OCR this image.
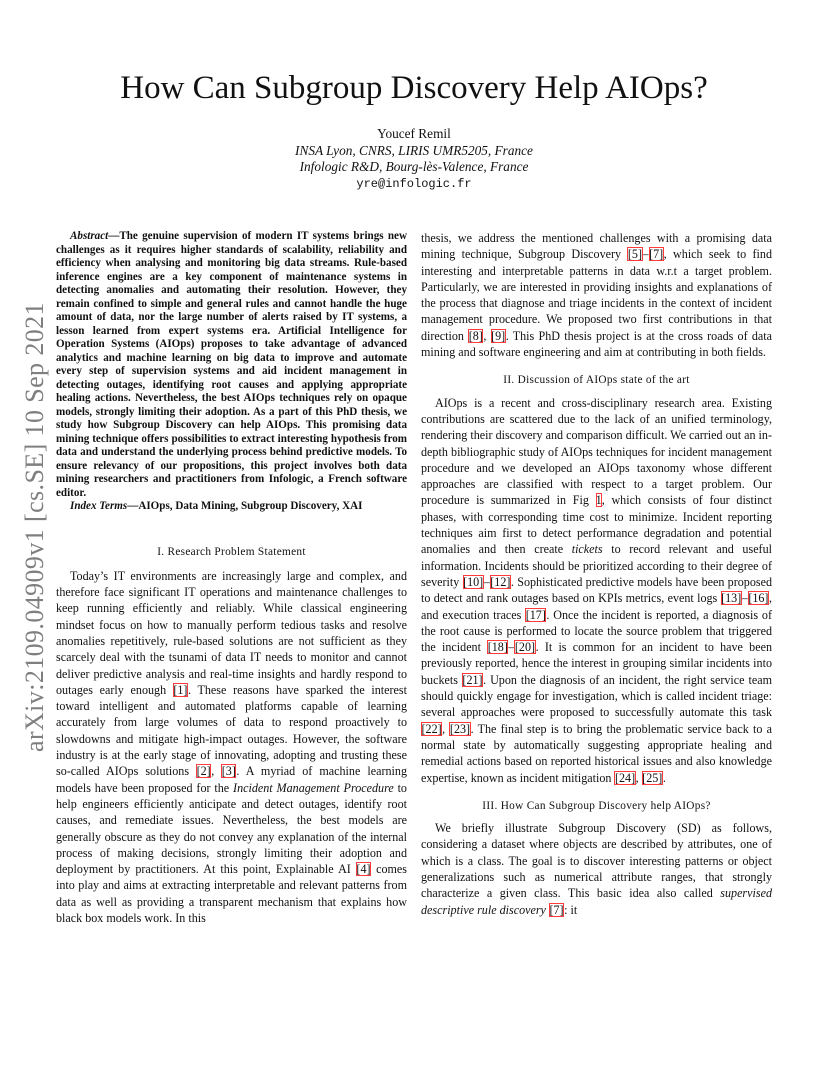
arXiv:2109.04909v1 [cs.SE] 10 Sep 2021
How Can Subgroup Discovery Help AIOps?
Youcef Remil
INSA Lyon, CNRS, LIRIS UMR5205, France
Infologic R&D, Bourg-lès-Valence, France
yre@infologic.fr

Abstract—The genuine supervision of modern IT systems brings new challenges as it requires higher standards of scalability, reliability and efficiency when analysing and monitoring big data streams. Rule-based inference engines are a key component of maintenance systems in detecting anomalies and automating their resolution. However, they remain confined to simple and general rules and cannot handle the huge amount of data, nor the large number of alerts raised by IT systems, a lesson learned from expert systems era. Artificial Intelligence for Operation Systems (AIOps) proposes to take advantage of advanced analytics and machine learning on big data to improve and automate every step of supervision systems and aid incident management in detecting outages, identifying root causes and applying appropriate healing actions. Nevertheless, the best AIOps techniques rely on opaque models, strongly limiting their adoption. As a part of this PhD thesis, we study how Subgroup Discovery can help AIOps. This promising data mining technique offers possibilities to extract interesting hypothesis from data and understand the underlying process behind predictive models. To ensure relevancy of our propositions, this project involves both data mining researchers and practitioners from Infologic, a French software editor.

Index Terms—AIOps, Data Mining, Subgroup Discovery, XAI

I. Research Problem Statement

Today’s IT environments are increasingly large and complex, and therefore face significant IT operations and maintenance challenges to keep running efficiently and reliably. While classical engineering mindset focus on how to manually perform tedious tasks and resolve anomalies repetitively, rule-based solutions are not sufficient as they scarcely deal with the tsunami of data IT needs to monitor and cannot deliver predictive analysis and real-time insights and hardly respond to outages early enough [1]. These reasons have sparked the interest toward intelligent and automated platforms capable of learning accurately from large volumes of data to respond proactively to slowdowns and mitigate high-impact outages. However, the software industry is at the early stage of innovating, adopting and trusting these so-called AIOps solutions [2], [3]. A myriad of machine learning models have been proposed for the Incident Management Procedure to help engineers efficiently anticipate and detect outages, identify root causes, and remediate issues. Nevertheless, the best models are generally obscure as they do not convey any explanation of the internal process of making decisions, strongly limiting their adoption and deployment by practitioners. At this point, Explainable AI [4] comes into play and aims at extracting interpretable and relevant patterns from data as well as providing a transparent mechanism that explains how black box models work. In this

thesis, we address the mentioned challenges with a promising data mining technique, Subgroup Discovery [5]–[7], which seek to find interesting and interpretable patterns in data w.r.t a target problem. Particularly, we are interested in providing insights and explanations of the process that diagnose and triage incidents in the context of incident management procedure. We proposed two first contributions in that direction [8], [9]. This PhD thesis project is at the cross roads of data mining and software engineering and aim at contributing in both fields.

II. Discussion of AIOps state of the art

AIOps is a recent and cross-disciplinary research area. Existing contributions are scattered due to the lack of an unified terminology, rendering their discovery and comparison difficult. We carried out an in-depth bibliographic study of AIOps techniques for incident management procedure and we developed an AIOps taxonomy whose different approaches are classified with respect to a target problem. Our procedure is summarized in Fig 1, which consists of four distinct phases, with corresponding time cost to minimize. Incident reporting techniques aim first to detect performance degradation and potential anomalies and then create tickets to record relevant and useful information. Incidents should be prioritized according to their degree of severity [10]–[12]. Sophisticated predictive models have been proposed to detect and rank outages based on KPIs metrics, event logs [13]–[16], and execution traces [17]. Once the incident is reported, a diagnosis of the root cause is performed to locate the source problem that triggered the incident [18]–[20]. It is common for an incident to have been previously reported, hence the interest in grouping similar incidents into buckets [21]. Upon the diagnosis of an incident, the right service team should quickly engage for investigation, which is called incident triage: several approaches were proposed to successfully automate this task [22], [23]. The final step is to bring the problematic service back to a normal state by automatically suggesting appropriate healing and remedial actions based on reported historical issues and also knowledge expertise, known as incident mitigation [24], [25].

III. How Can Subgroup Discovery help AIOps?

We briefly illustrate Subgroup Discovery (SD) as follows, considering a dataset where objects are described by attributes, one of which is a class. The goal is to discover interesting patterns or object generalizations such as numerical attribute ranges, that strongly characterize a given class. This basic idea also called supervised descriptive rule discovery [7]: it
